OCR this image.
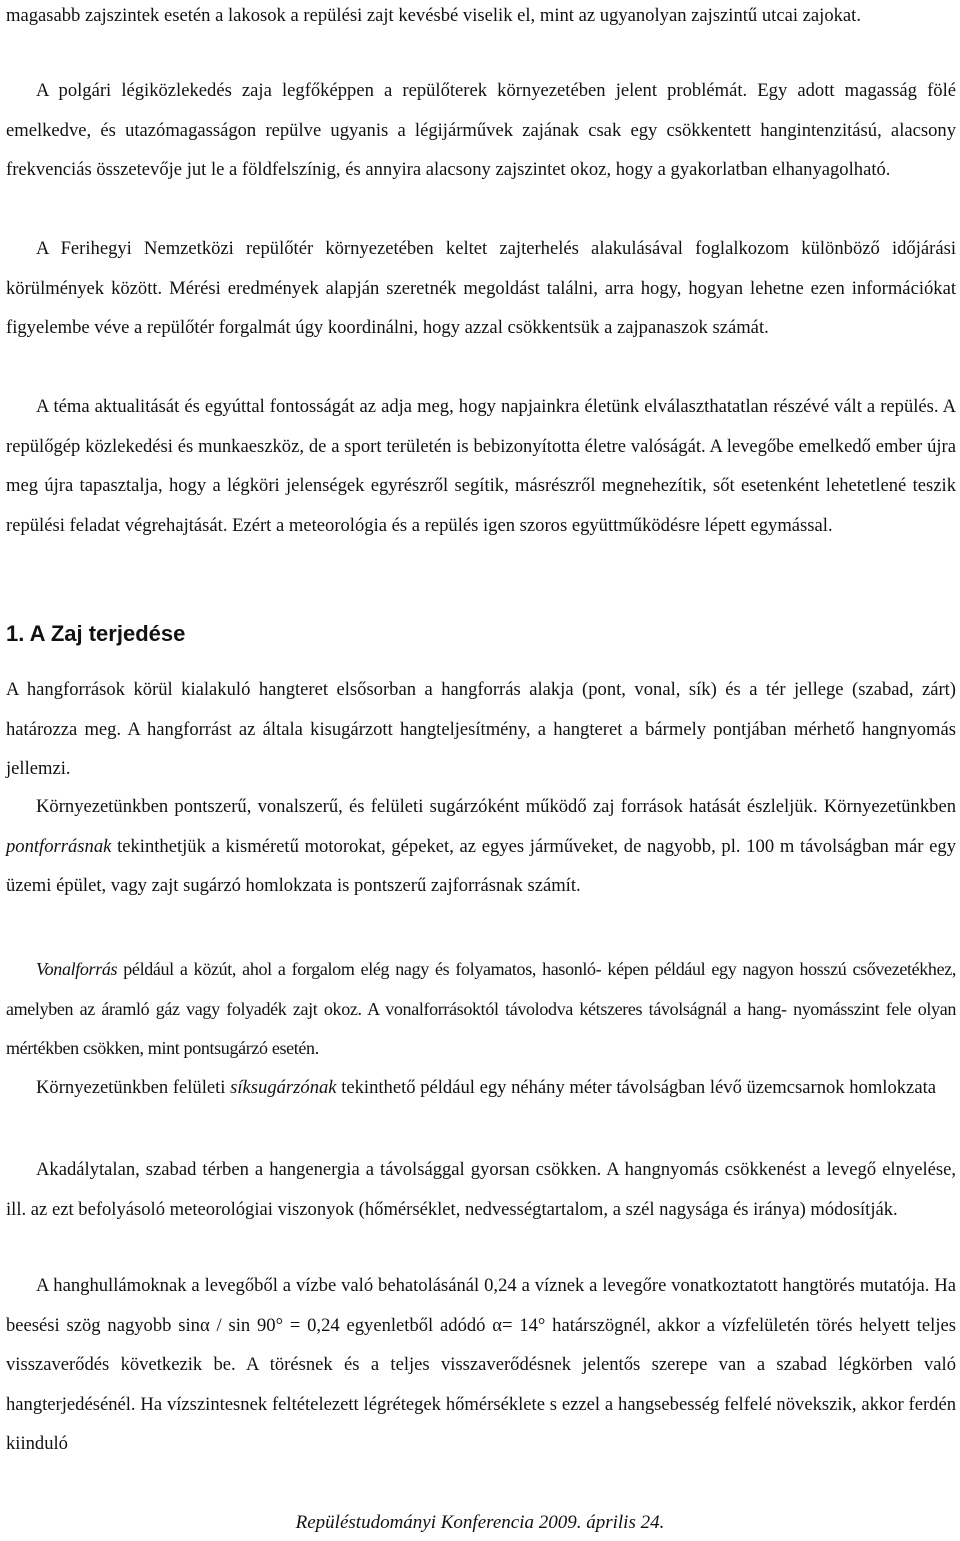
magasabb zajszintek esetén a lakosok a repülési zajt kevésbé viselik el, mint az ugyanolyan zajszintű utcai zajokat.

A polgári légiközlekedés zaja legfőképpen a repülőterek környezetében jelent problémát. Egy adott magasság fölé emelkedve, és utazómagasságon repülve ugyanis a légijárművek zajának csak egy csökkentett hangintenzitású, alacsony frekvenciás összetevője jut le a földfelszínig, és annyira alacsony zajszintet okoz, hogy a gyakorlatban elhanyagolható.

A Ferihegyi Nemzetközi repülőtér környezetében keltet zajterhelés alakulásával foglalkozom különböző időjárási körülmények között. Mérési eredmények alapján szeretnék megoldást találni, arra hogy, hogyan lehetne ezen információkat figyelembe véve a repülőtér forgalmát úgy koordinálni, hogy azzal csökkentsük a zajpanaszok számát.

A téma aktualitását és egyúttal fontosságát az adja meg, hogy napjainkra életünk elválaszthatatlan részévé vált a repülés. A repülőgép közlekedési és munkaeszköz, de a sport területén is bebizonyította életre valóságát. A levegőbe emelkedő ember újra meg újra tapasztalja, hogy a légköri jelenségek egyrészről segítik, másrészről megnehezítik, sőt esetenként lehetetlené teszik repülési feladat végrehajtását. Ezért a meteorológia és a repülés igen szoros együttműködésre lépett egymással.

1. A Zaj terjedése

A hangforrások körül kialakuló hangteret elsősorban a hangforrás alakja (pont, vonal, sík) és a tér jellege (szabad, zárt) határozza meg. A hangforrást az általa kisugárzott hangteljesítmény, a hangteret a bármely pontjában mérhető hangnyomás jellemzi.

Környezetünkben pontszerű, vonalszerű, és felületi sugárzóként működő zaj források hatását észleljük. Környezetünkben pontforrásnak tekinthetjük a kisméretű motorokat, gépeket, az egyes járműveket, de nagyobb, pl. 100 m távolságban már egy üzemi épület, vagy zajt sugárzó homlokzata is pontszerű zajforrásnak számít.

Vonalforrás például a közút, ahol a forgalom elég nagy és folyamatos, hasonló- képen például egy nagyon hosszú csővezetékhez, amelyben az áramló gáz vagy folyadék zajt okoz. A vonalforrásoktól távolodva kétszeres távolságnál a hang- nyomásszint fele olyan mértékben csökken, mint pontsugárzó esetén.

Környezetünkben felületi síksugárzónak tekinthető például egy néhány méter távolságban lévő üzemcsarnok homlokzata

Akadálytalan, szabad térben a hangenergia a távolsággal gyorsan csökken. A hangnyomás csökkenést a levegő elnyelése, ill. az ezt befolyásoló meteorológiai viszonyok (hőmérséklet, nedvességtartalom, a szél nagysága és iránya) módosítják.

A hanghullámoknak a levegőből a vízbe való behatolásánál 0,24 a víznek a levegőre vonatkoztatott hangtörés mutatója. Ha beesési szög nagyobb sinα / sin 90° = 0,24 egyenletből adódó α= 14° határszögnél, akkor a vízfelületén törés helyett teljes visszaverődés következik be. A törésnek és a teljes visszaverődésnek jelentős szerepe van a szabad légkörben való hangterjedésénél. Ha vízszintesnek feltételezett légrétegek hőmérséklete s ezzel a hangsebesség felfelé növekszik, akkor ferdén kiinduló

Repüléstudományi Konferencia 2009. április 24.
